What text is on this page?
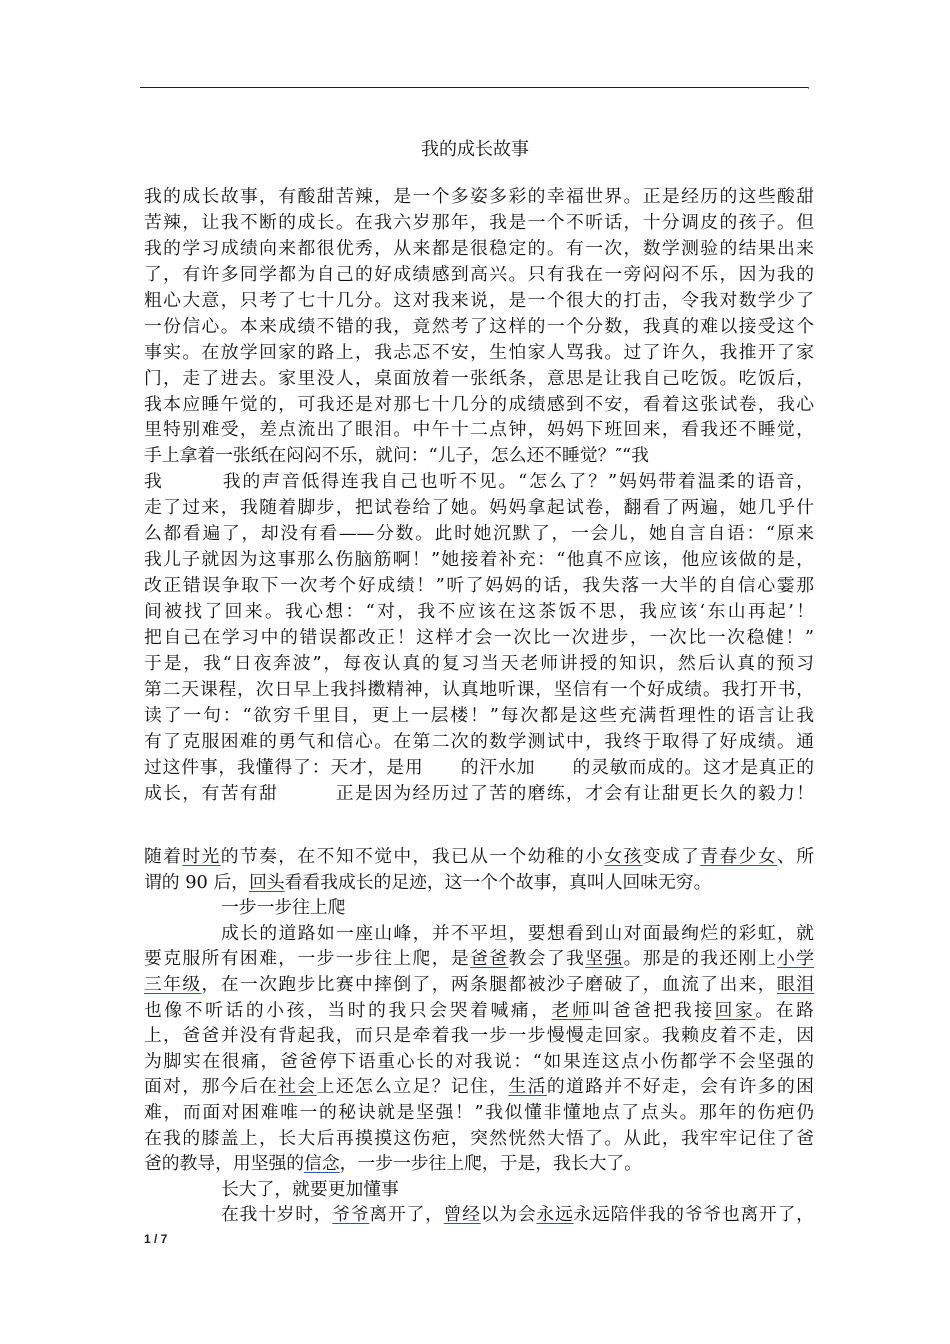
,
我的成长故事
我的成长故事，有酸甜苦辣，是一个多姿多彩的幸福世界。正是经历的这些酸甜
苦辣，让我不断的成长。在我六岁那年，我是一个不听话，十分调皮的孩子。但
我的学习成绩向来都很优秀，从来都是很稳定的。有一次，数学测验的结果出来
了，有许多同学都为自己的好成绩感到高兴。只有我在一旁闷闷不乐，因为我的
粗心大意，只考了七十几分。这对我来说，是一个很大的打击，令我对数学少了
一份信心。本来成绩不错的我，竟然考了这样的一个分数，我真的难以接受这个
事实。在放学回家的路上，我忐忑不安，生怕家人骂我。过了许久，我推开了家
门，走了进去。家里没人，桌面放着一张纸条，意思是让我自己吃饭。吃饭后，
我本应睡午觉的，可我还是对那七十几分的成绩感到不安，看着这张试卷，我心
里特别难受，差点流出了眼泪。中午十二点钟，妈妈下班回来，看我还不睡觉，
手上拿着一张纸在闷闷不乐，就问：“儿子，怎么还不睡觉？″“我
我　　　我的声音低得连我自己也听不见。“怎么了？”妈妈带着温柔的语音，
走了过来，我随着脚步，把试卷给了她。妈妈拿起试卷，翻看了两遍，她几乎什
么都看遍了，却没有看——分数。此时她沉默了，一会儿，她自言自语：“原来
我儿子就因为这事那么伤脑筋啊！”她接着补充：“他真不应该，他应该做的是，
改正错误争取下一次考个好成绩！”听了妈妈的话，我失落一大半的自信心霎那
间被找了回来。我心想：“对，我不应该在这茶饭不思，我应该‘东山再起’！
把自己在学习中的错误都改正！这样才会一次比一次进步，一次比一次稳健！”
于是，我“日夜奔波”，每夜认真的复习当天老师讲授的知识，然后认真的预习
第二天课程，次日早上我抖擞精神，认真地听课，坚信有一个好成绩。我打开书，
读了一句：“欲穷千里目，更上一层楼！”每次都是这些充满哲理性的语言让我
有了克服困难的勇气和信心。在第二次的数学测试中，我终于取得了好成绩。通
过这件事，我懂得了：天才，是用　　的汗水加　　的灵敏而成的。这才是真正的
成长，有苦有甜　　　正是因为经历过了苦的磨练，才会有让甜更长久的毅力！
随着时光的节奏，在不知不觉中，我已从一个幼稚的小女孩变成了青春少女、所
谓的 90 后，回头看看我成长的足迹，这一个个故事，真叫人回味无穷。
一步一步往上爬
成长的道路如一座山峰，并不平坦，要想看到山对面最绚烂的彩虹，就
要克服所有困难，一步一步往上爬，是爸爸教会了我坚强。那是的我还刚上小学
三年级，在一次跑步比赛中摔倒了，两条腿都被沙子磨破了，血流了出来，眼泪
也像不听话的小孩，当时的我只会哭着喊痛，老师叫爸爸把我接回家。在路
上，爸爸并没有背起我，而只是牵着我一步一步慢慢走回家。我赖皮着不走，因
为脚实在很痛，爸爸停下语重心长的对我说：“如果连这点小伤都学不会坚强的
面对，那今后在社会上还怎么立足？记住，生活的道路并不好走，会有许多的困
难，而面对困难唯一的秘诀就是坚强！”我似懂非懂地点了点头。那年的伤疤仍
在我的膝盖上，长大后再摸摸这伤疤，突然恍然大悟了。从此，我牢牢记住了爸
爸的教导，用坚强的信念，一步一步往上爬，于是，我长大了。
长大了，就要更加懂事
在我十岁时，爷爷离开了，曾经以为会永远永远陪伴我的爷爷也离开了，
1 / 7
